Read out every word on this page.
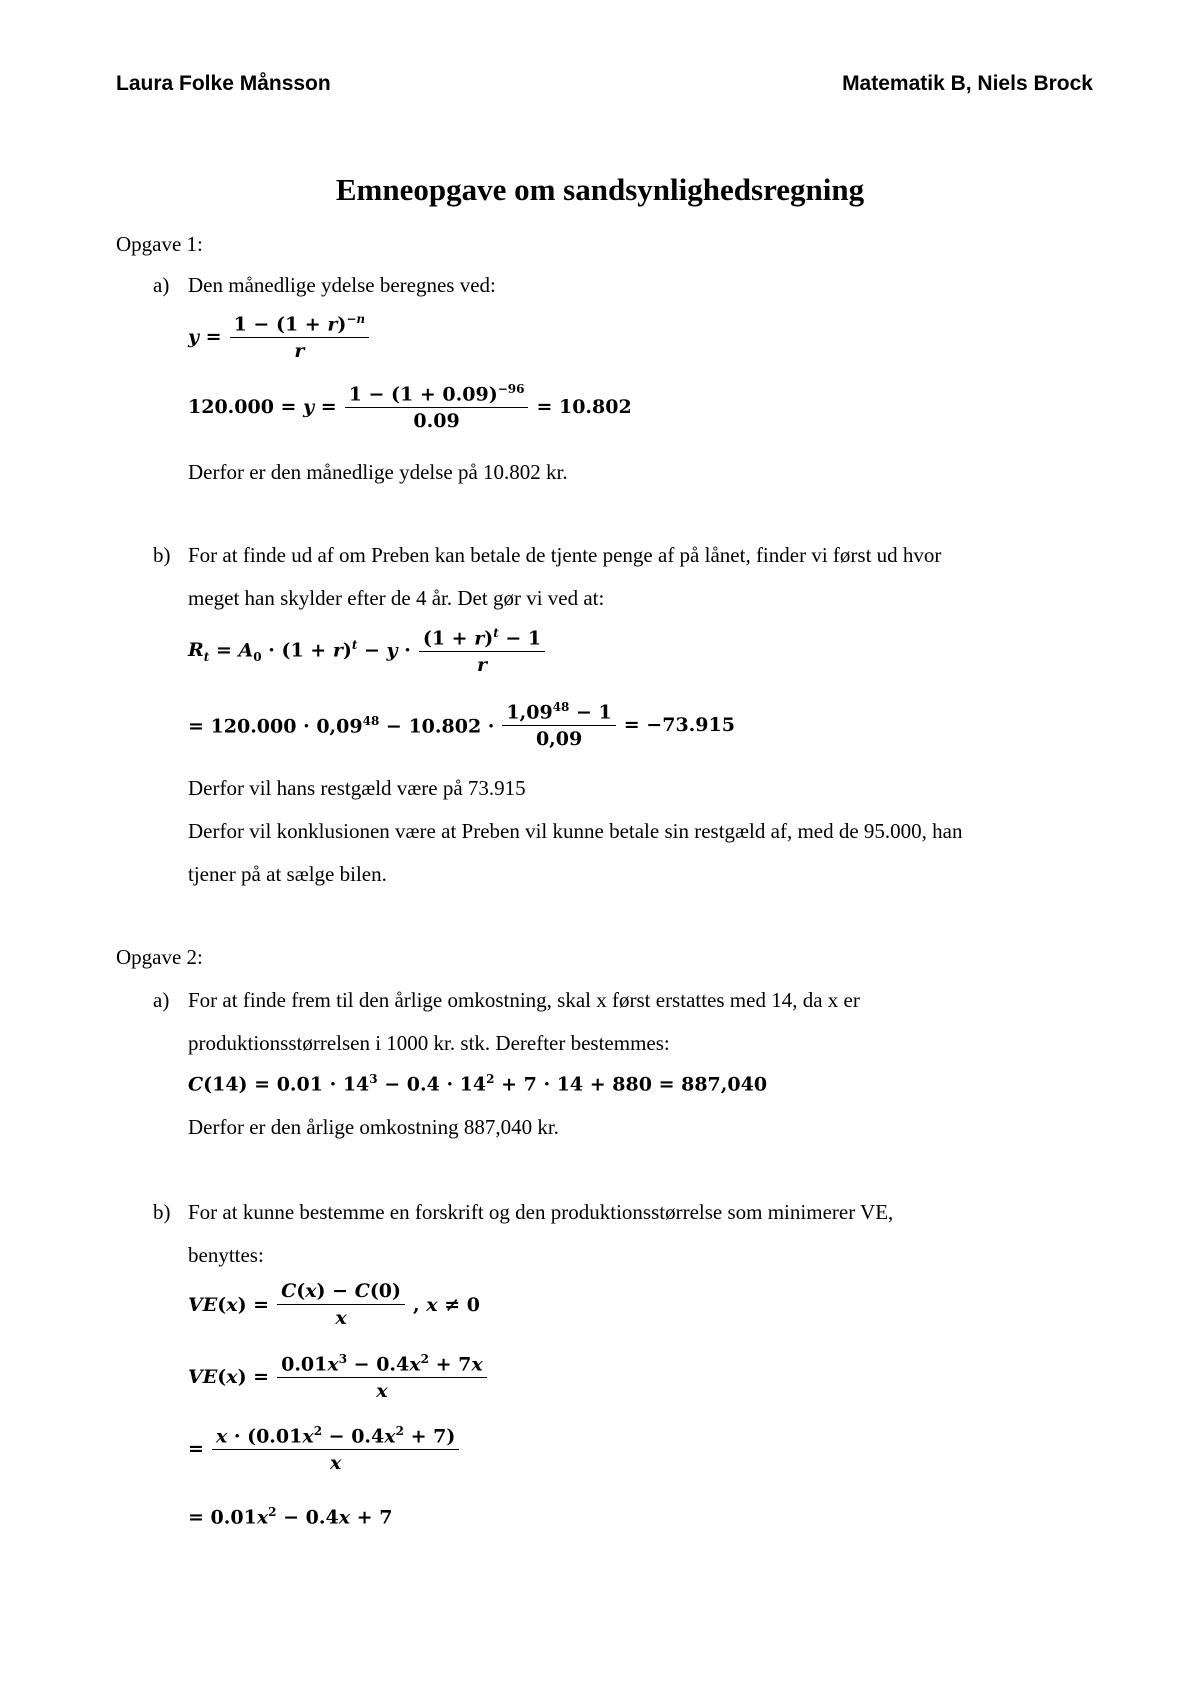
Laura Folke Månsson	Matematik B, Niels Brock
Emneopgave om sandsynlighedsregning
Opgave 1:
a) Den månedlige ydelse beregnes ved:
$y = \frac{1 - (1 + r)^{-n}}{r}$
$120.000 = y = \frac{1 - (1 + 0.09)^{-96}}{0.09} = 10.802$
Derfor er den månedlige ydelse på 10.802 kr.
b) For at finde ud af om Preben kan betale de tjente penge af på lånet, finder vi først ud hvor
meget han skylder efter de 4 år. Det gør vi ved at:
$R_t = A_0 \cdot (1 + r)^t - y \cdot \frac{(1 + r)^t - 1}{r}$
= $120.000 \cdot 0,09^{48} - 10.802 \cdot \frac{1,09^{48} - 1}{0,09} = -73.915$
Derfor vil hans restgæld være på 73.915
Derfor vil konklusionen være at Preben vil kunne betale sin restgæld af, med de 95.000, han
tjener på at sælge bilen.
Opgave 2:
a) For at finde frem til den årlige omkostning, skal x først erstattes med 14, da x er
produktionsstørrelsen i 1000 kr. stk. Derefter bestemmes:
$C(14) = 0.01 \cdot 14^3 - 0.4 \cdot 14^2 + 7 \cdot 14 + 880 = 887,040$
Derfor er den årlige omkostning 887,040 kr.
b) For at kunne bestemme en forskrift og den produktionsstørrelse som minimerer VE,
benyttes:
$VE(x) = \frac{C(x) - C(0)}{x}$ , x ≠ 0
$VE(x) = \frac{0.01x^3 - 0.4x^2 + 7x}{x}$
= $\frac{x \cdot (0.01x^2 - 0.4x^2 + 7)}{x}$
= $0.01x^2 - 0.4x + 7$
